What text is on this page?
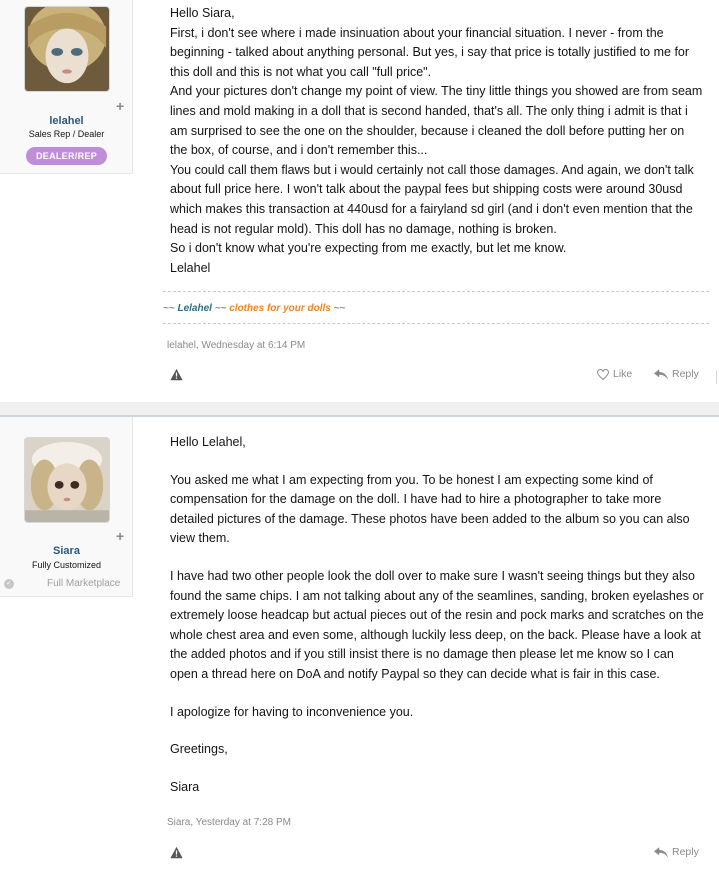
+
lelahel
Sales Rep / Dealer
DEALER/REP

Hello Siara,

First, i don't see where i made insinuation about your financial situation. I never - from the beginning - talked about anything personal. But yes, i say that price is totally justified to me for this doll and this is not what you call "full price".

And your pictures don't change my point of view. The tiny little things you showed are from seam lines and mold making in a doll that is second handed, that's all. The only thing i admit is that i am surprised to see the one on the shoulder, because i cleaned the doll before putting her on the box, of course, and i don't remember this...

You could call them flaws but i would certainly not call those damages. And again, we don't talk about full price here. I won't talk about the paypal fees but shipping costs were around 30usd which makes this transaction at 440usd for a fairyland sd girl (and i don't even mention that the head is not regular mold). This doll has no damage, nothing is broken.

So i don't know what you're expecting from me exactly, but let me know.

Lelahel

~~ Lelahel ~~ clothes for your dolls ~~
lelahel, Wednesday at 6:14 PM
Like	Reply
+
Siara
Fully Customized
✓	Full Marketplace

Hello Lelahel,

You asked me what I am expecting from you. To be honest I am expecting some kind of compensation for the damage on the doll. I have had to hire a photographer to take more detailed pictures of the damage. These photos have been added to the album so you can also view them.

I have had two other people look the doll over to make sure I wasn't seeing things but they also found the same chips. I am not talking about any of the seamlines, sanding, broken eyelashes or extremely loose headcap but actual pieces out of the resin and pock marks and scratches on the whole chest area and even some, although luckily less deep, on the back. Please have a look at the added photos and if you still insist there is no damage then please let me know so I can open a thread here on DoA and notify Paypal so they can decide what is fair in this case.

I apologize for having to inconvenience you.

Greetings,

Siara

Siara, Yesterday at 7:28 PM
Reply
